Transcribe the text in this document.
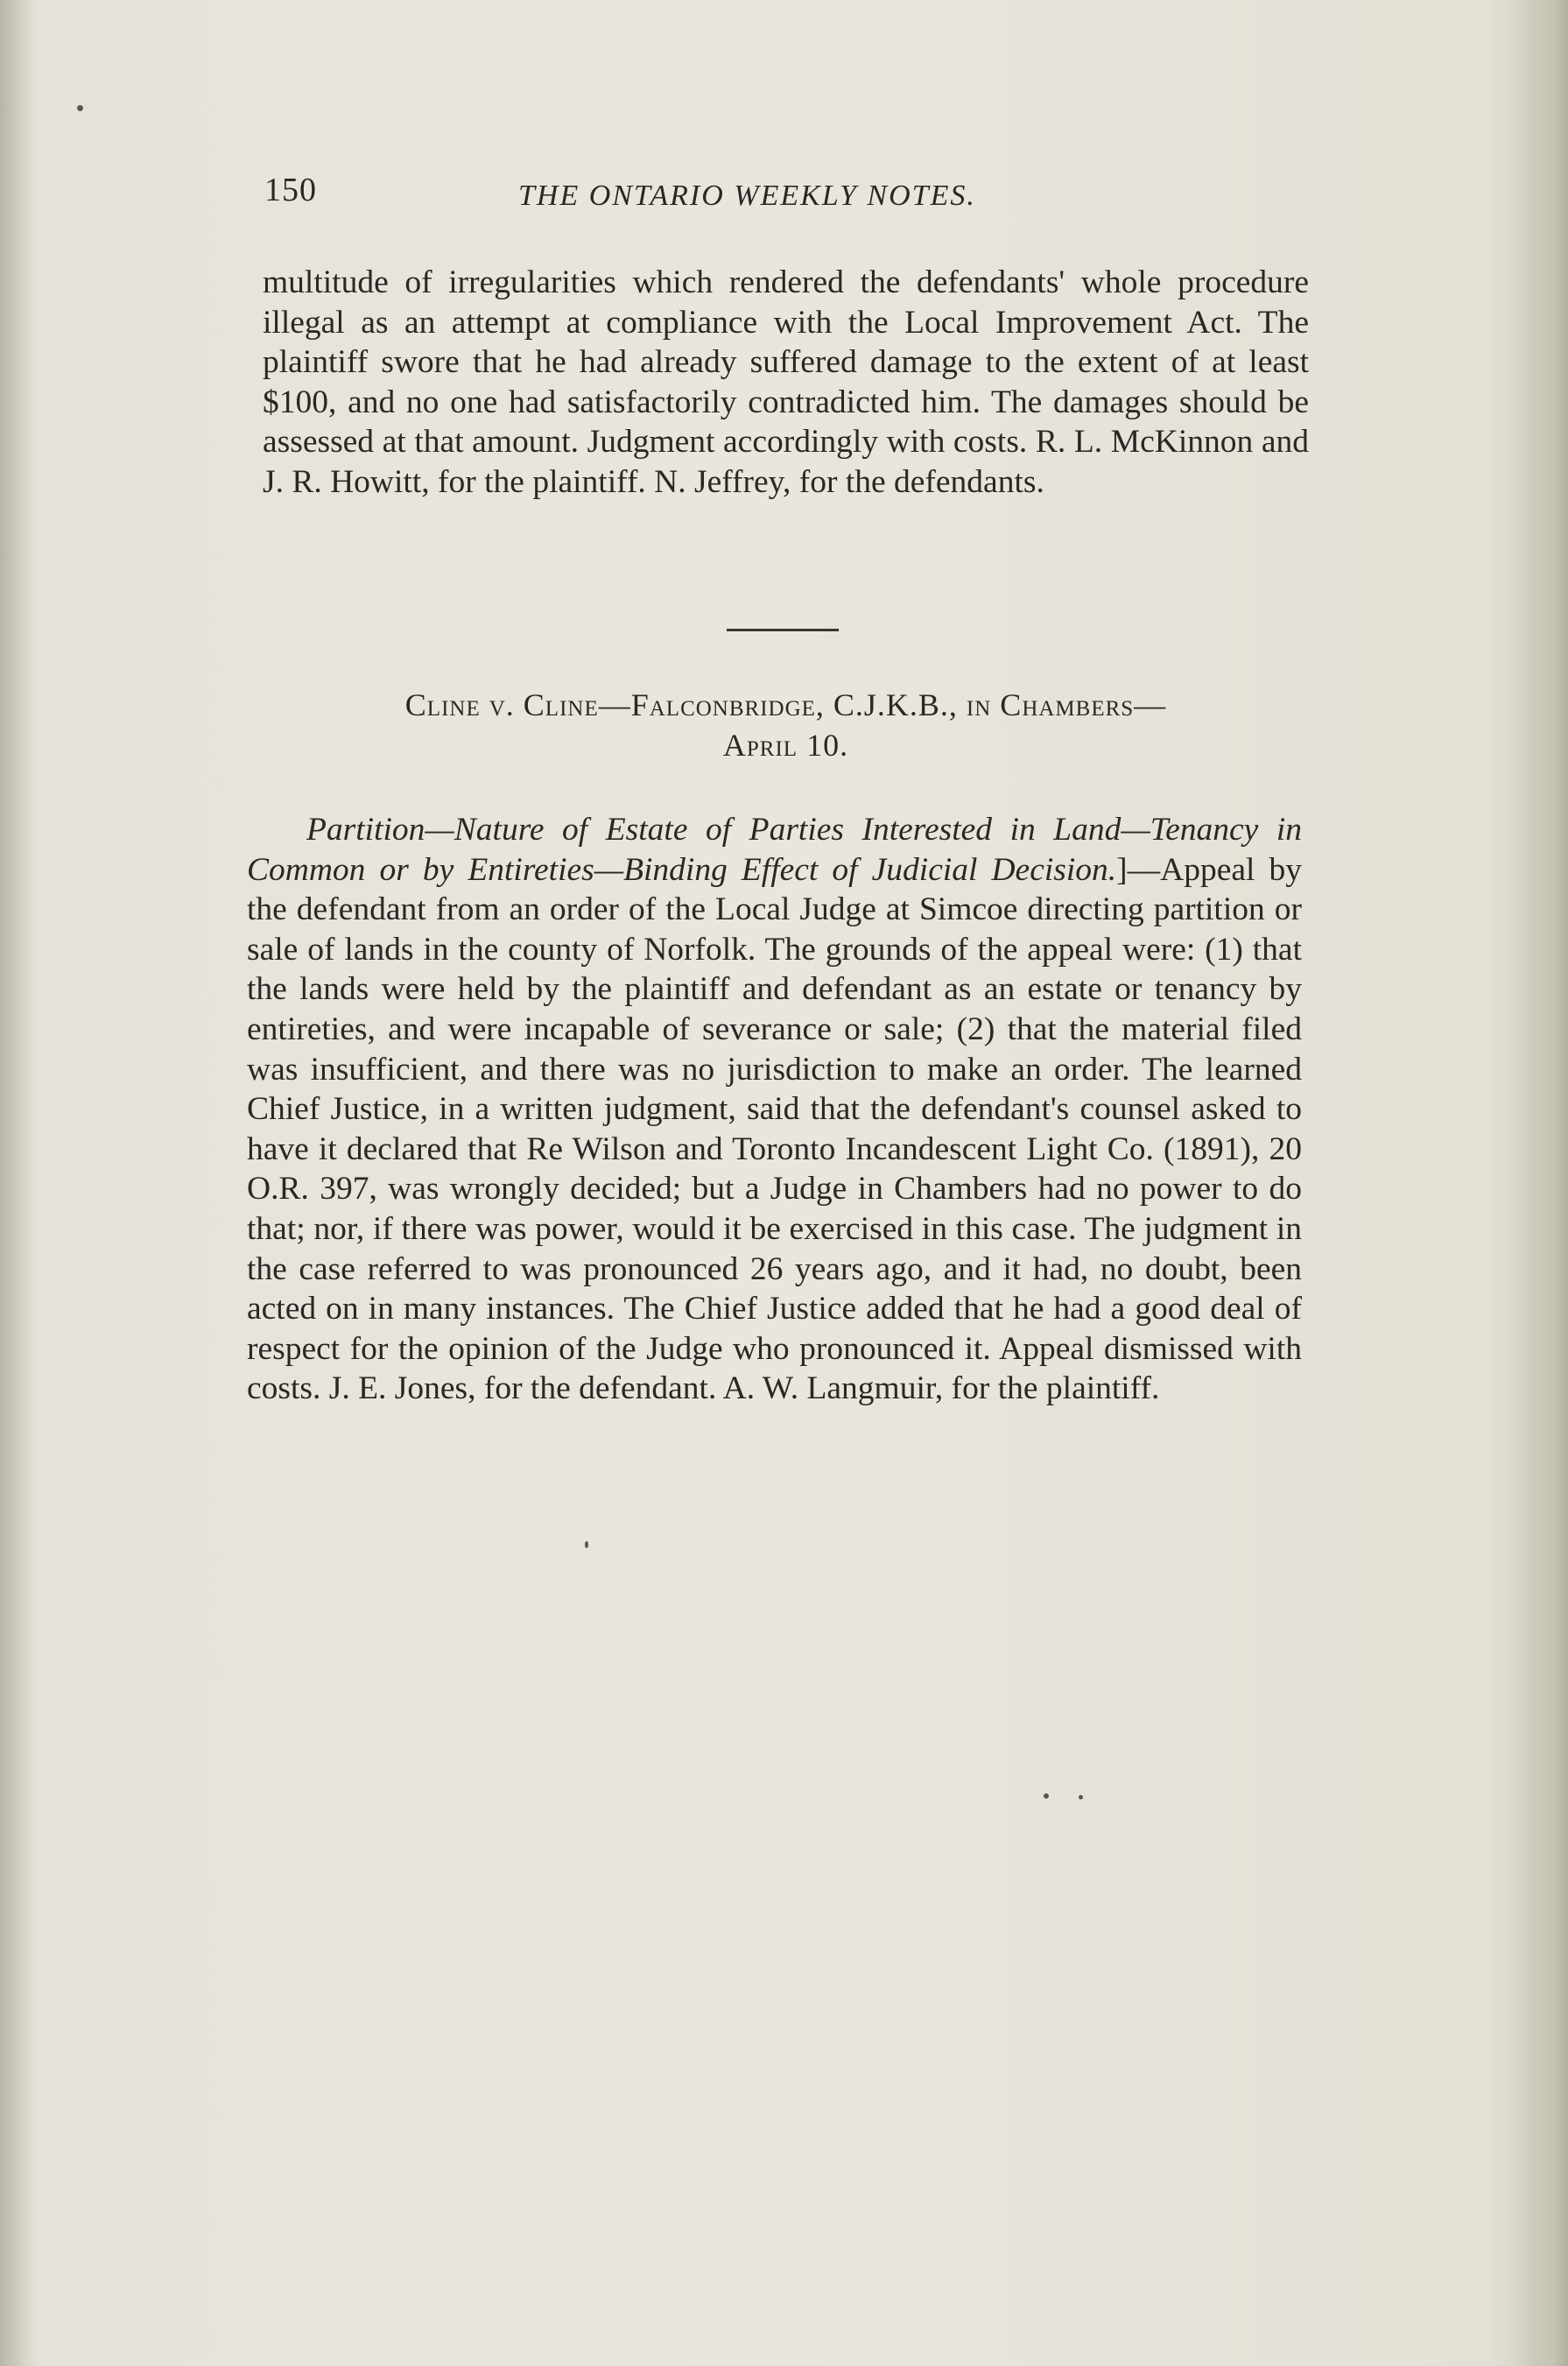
150	THE ONTARIO WEEKLY NOTES.
multitude of irregularities which rendered the defendants' whole procedure illegal as an attempt at compliance with the Local Improvement Act. The plaintiff swore that he had already suffered damage to the extent of at least $100, and no one had satisfactorily contradicted him. The damages should be assessed at that amount. Judgment accordingly with costs. R. L. McKinnon and J. R. Howitt, for the plaintiff. N. Jeffrey, for the defendants.
Cline v. Cline—Falconbridge, C.J.K.B., in Chambers—
April 10.
Partition—Nature of Estate of Parties Interested in Land—Tenancy in Common or by Entireties—Binding Effect of Judicial Decision.]—Appeal by the defendant from an order of the Local Judge at Simcoe directing partition or sale of lands in the county of Norfolk. The grounds of the appeal were: (1) that the lands were held by the plaintiff and defendant as an estate or tenancy by entireties, and were incapable of severance or sale; (2) that the material filed was insufficient, and there was no jurisdiction to make an order. The learned Chief Justice, in a written judgment, said that the defendant's counsel asked to have it declared that Re Wilson and Toronto Incandescent Light Co. (1891), 20 O.R. 397, was wrongly decided; but a Judge in Chambers had no power to do that; nor, if there was power, would it be exercised in this case. The judgment in the case referred to was pronounced 26 years ago, and it had, no doubt, been acted on in many instances. The Chief Justice added that he had a good deal of respect for the opinion of the Judge who pronounced it. Appeal dismissed with costs. J. E. Jones, for the defendant. A. W. Langmuir, for the plaintiff.
